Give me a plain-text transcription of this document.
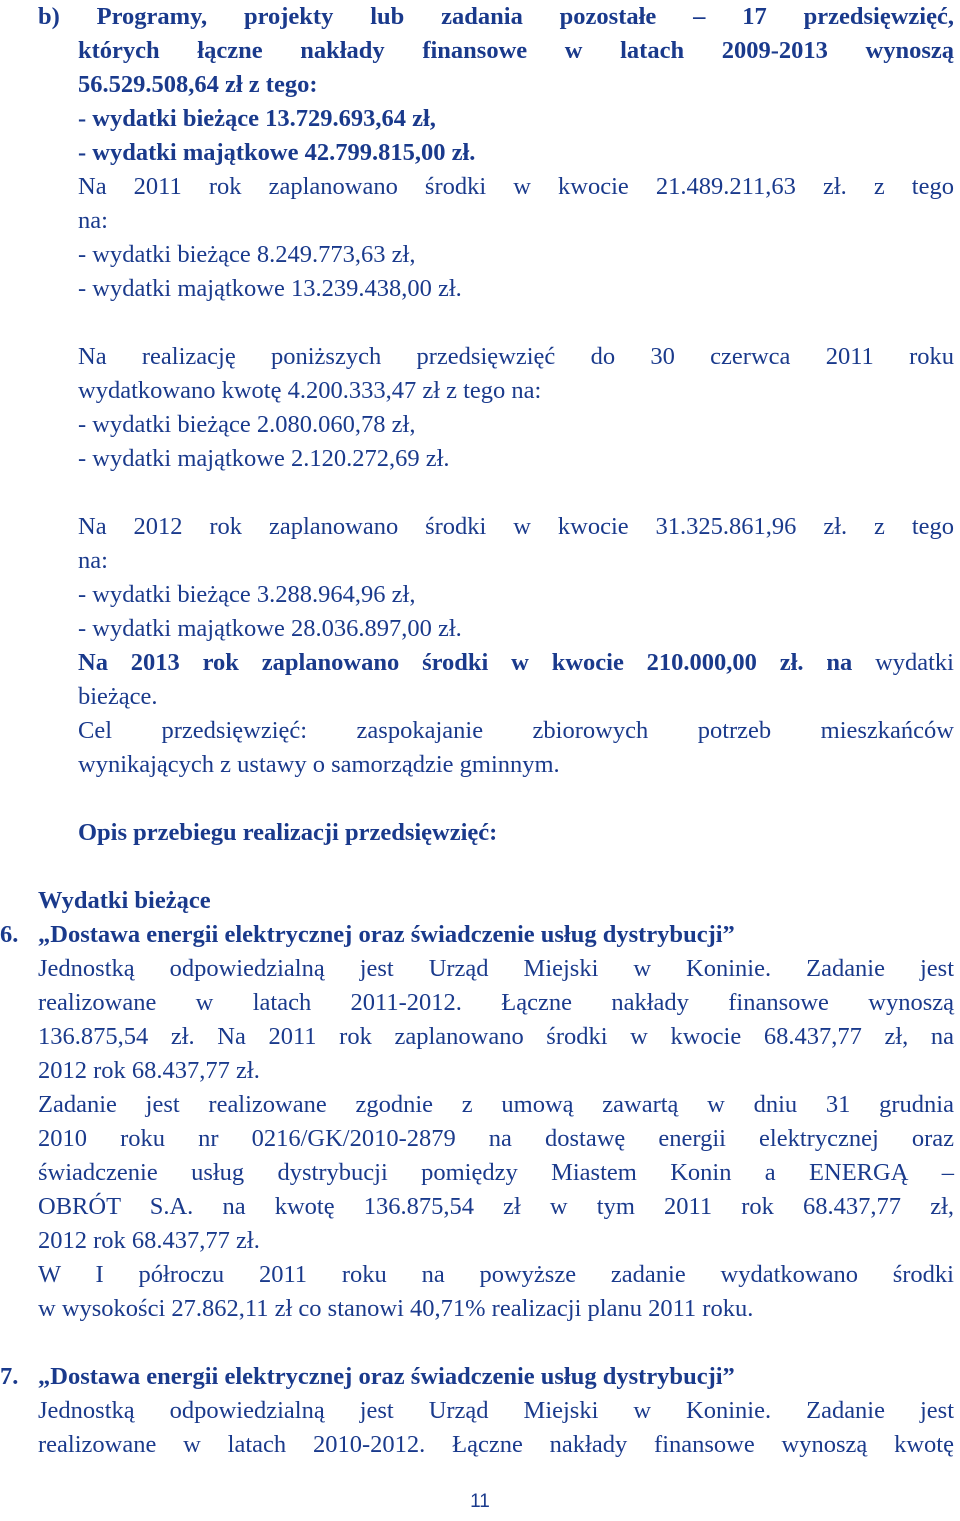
b) Programy, projekty lub zadania pozostałe – 17 przedsięwzięć,

których łączne nakłady finansowe w latach 2009-2013 wynoszą

56.529.508,64 zł z tego:

- wydatki bieżące 13.729.693,64 zł,

- wydatki majątkowe 42.799.815,00 zł.

Na 2011 rok zaplanowano środki w kwocie 21.489.211,63 zł. z tego

na:

- wydatki bieżące 8.249.773,63 zł,

- wydatki majątkowe 13.239.438,00 zł.

Na realizację poniższych przedsięwzięć do 30 czerwca 2011 roku

wydatkowano kwotę 4.200.333,47 zł z tego na:

- wydatki bieżące 2.080.060,78 zł,

- wydatki majątkowe 2.120.272,69 zł.

Na 2012 rok zaplanowano środki w kwocie 31.325.861,96 zł. z tego

na:

- wydatki bieżące 3.288.964,96 zł,

- wydatki majątkowe 28.036.897,00 zł.

Na 2013 rok zaplanowano środki w kwocie 210.000,00 zł. na wydatki

bieżące.

Cel przedsięwzięć: zaspokajanie zbiorowych potrzeb mieszkańców

wynikających z ustawy o samorządzie gminnym.

Opis przebiegu realizacji przedsięwzięć:
Wydatki bieżące
6. „Dostawa energii elektrycznej oraz świadczenie usług dystrybucji”

Jednostką odpowiedzialną jest Urząd Miejski w Koninie. Zadanie jest

realizowane w latach 2011-2012. Łączne nakłady finansowe wynoszą

136.875,54 zł. Na 2011 rok zaplanowano środki w kwocie 68.437,77 zł, na

2012 rok 68.437,77 zł.

Zadanie jest realizowane zgodnie z umową zawartą w dniu 31 grudnia

2010 roku nr 0216/GK/2010-2879 na dostawę energii elektrycznej oraz

świadczenie usług dystrybucji pomiędzy Miastem Konin a ENERGĄ –

OBRÓT S.A. na kwotę 136.875,54 zł w tym 2011 rok 68.437,77 zł,

2012 rok 68.437,77 zł.

W I półroczu 2011 roku na powyższe zadanie wydatkowano środki

w wysokości 27.862,11 zł co stanowi 40,71% realizacji planu 2011 roku.

7. „Dostawa energii elektrycznej oraz świadczenie usług dystrybucji”

Jednostką odpowiedzialną jest Urząd Miejski w Koninie. Zadanie jest

realizowane w latach 2010-2012. Łączne nakłady finansowe wynoszą kwotę

11
